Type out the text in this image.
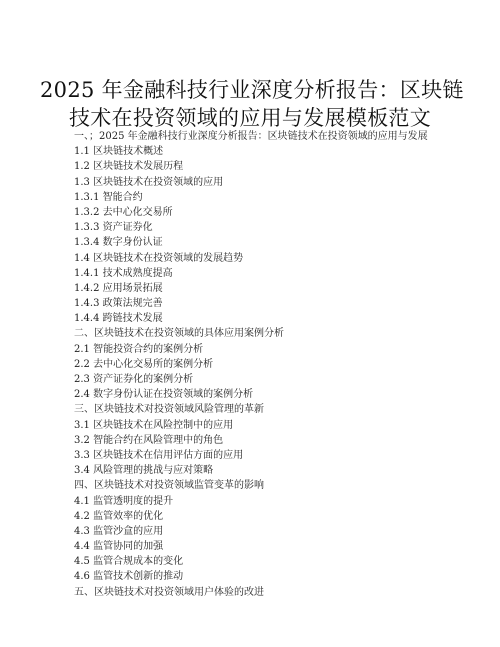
2025 年金融科技行业深度分析报告：区块链
技术在投资领域的应用与发展模板范文
一、；2025 年金融科技行业深度分析报告：区块链技术在投资领域的应用与发展
1.1 区块链技术概述
1.2 区块链技术发展历程
1.3 区块链技术在投资领域的应用
1.3.1 智能合约
1.3.2 去中心化交易所
1.3.3 资产证券化
1.3.4 数字身份认证
1.4 区块链技术在投资领域的发展趋势
1.4.1 技术成熟度提高
1.4.2 应用场景拓展
1.4.3 政策法规完善
1.4.4 跨链技术发展
二、区块链技术在投资领域的具体应用案例分析
2.1 智能投资合约的案例分析
2.2 去中心化交易所的案例分析
2.3 资产证券化的案例分析
2.4 数字身份认证在投资领域的案例分析
三、区块链技术对投资领域风险管理的革新
3.1 区块链技术在风险控制中的应用
3.2 智能合约在风险管理中的角色
3.3 区块链技术在信用评估方面的应用
3.4 风险管理的挑战与应对策略
四、区块链技术对投资领域监管变革的影响
4.1 监管透明度的提升
4.2 监管效率的优化
4.3 监管沙盒的应用
4.4 监管协同的加强
4.5 监管合规成本的变化
4.6 监管技术创新的推动
五、区块链技术对投资领域用户体验的改进
